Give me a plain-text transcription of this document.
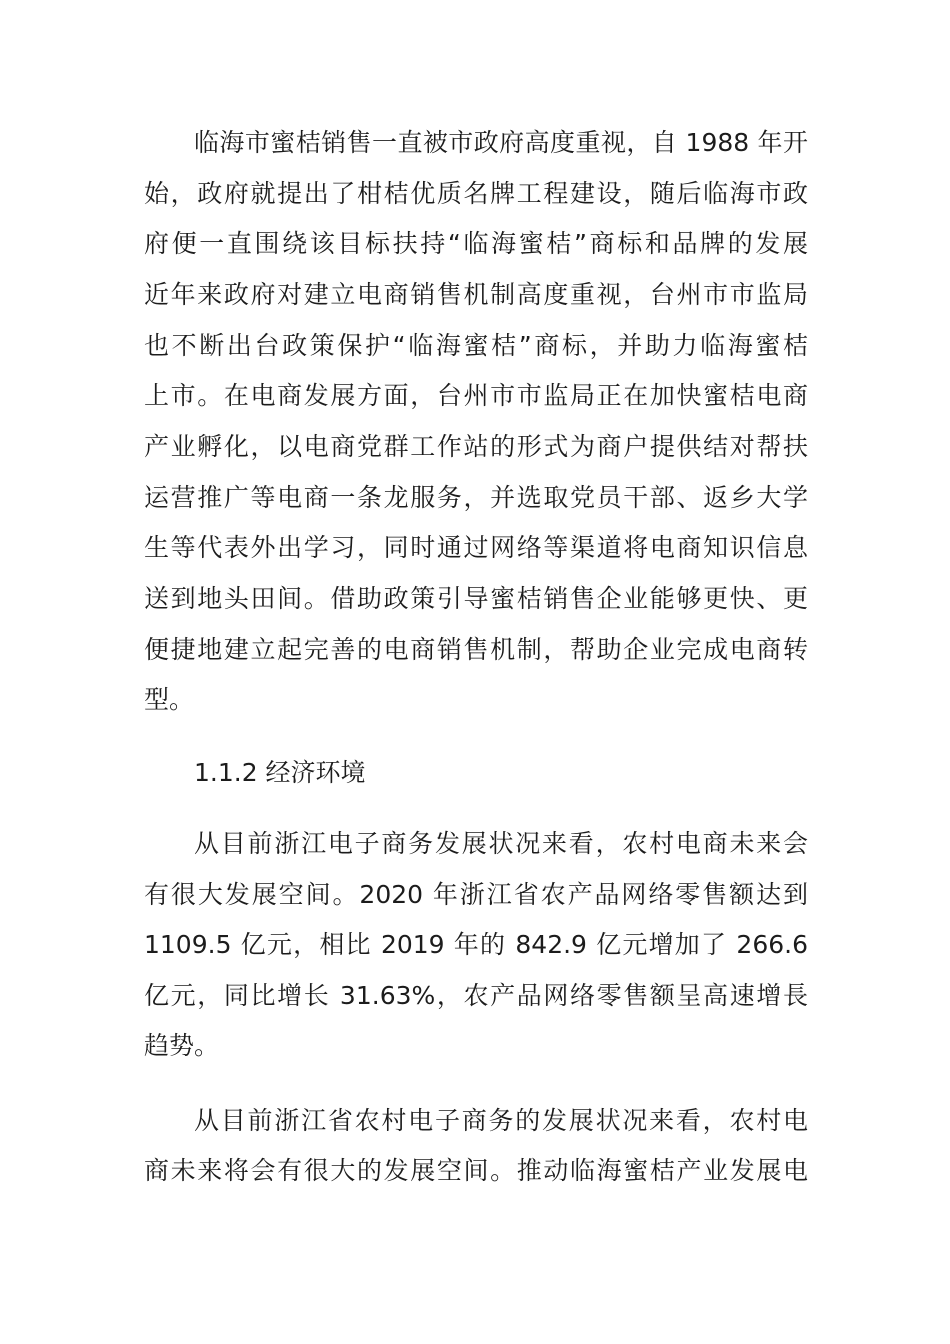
临海市蜜桔销售一直被市政府高度重视，自 1988 年开

始，政府就提出了柑桔优质名牌工程建设，随后临海市政

府便一直围绕该目标扶持“临海蜜桔”商标和品牌的发展

近年来政府对建立电商销售机制高度重视，台州市市监局

也不断出台政策保护“临海蜜桔”商标，并助力临海蜜桔

上市。在电商发展方面，台州市市监局正在加快蜜桔电商

产业孵化，以电商党群工作站的形式为商户提供结对帮扶

运营推广等电商一条龙服务，并选取党员干部、返乡大学

生等代表外出学习，同时通过网络等渠道将电商知识信息

送到地头田间。借助政策引导蜜桔销售企业能够更快、更

便捷地建立起完善的电商销售机制，帮助企业完成电商转

型。

1.1.2 经济环境

从目前浙江电子商务发展状况来看，农村电商未来会

有很大发展空间。2020 年浙江省农产品网络零售额达到

1109.5 亿元，相比 2019 年的 842.9 亿元增加了 266.6

亿元，同比增长 31.63%，农产品网络零售额呈高速增長

趋势。

从目前浙江省农村电子商务的发展状况来看，农村电

商未来将会有很大的发展空间。推动临海蜜桔产业发展电
